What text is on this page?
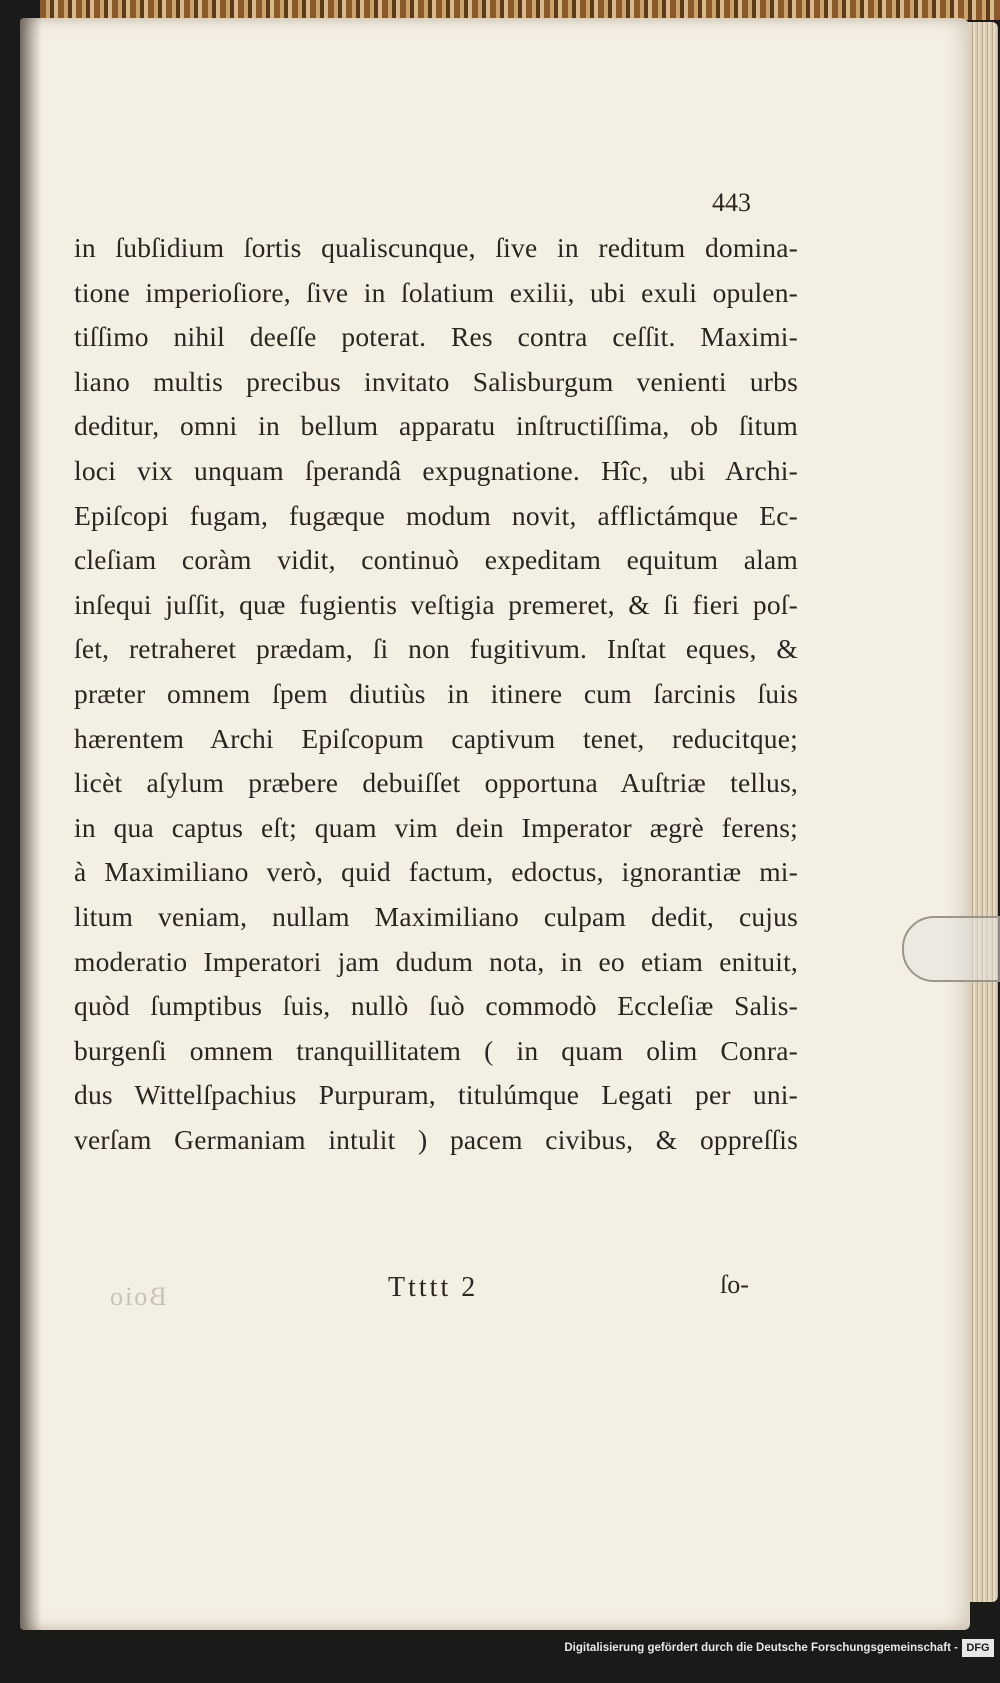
443
in ſubſidium ſortis qualiscunque, ſive in reditum domina-
tione imperioſiore, ſive in ſolatium exilii, ubi exuli opulen-
tiſſimo nihil deeſſe poterat. Res contra ceſſit. Maximi-
liano multis precibus invitato Salisburgum venienti urbs
deditur, omni in bellum apparatu inſtructiſſima, ob ſitum
loci vix unquam ſperandâ expugnatione. Hîc, ubi Archi-
Epiſcopi fugam, fugæque modum novit, afflictámque Ec-
cleſiam coràm vidit, continuò expeditam equitum alam
inſequi juſſit, quæ fugientis veſtigia premeret, & ſi fieri poſ-
ſet, retraheret prædam, ſi non fugitivum. Inſtat eques, &
præter omnem ſpem diutiùs in itinere cum ſarcinis ſuis
hærentem Archi Epiſcopum captivum tenet, reducitque;
licèt aſylum præbere debuiſſet opportuna Auſtriæ tellus,
in qua captus eſt; quam vim dein Imperator ægrè ferens;
à Maximiliano verò, quid factum, edoctus, ignorantiæ mi-
litum veniam, nullam Maximiliano culpam dedit, cujus
moderatio Imperatori jam dudum nota, in eo etiam enituit,
quòd ſumptibus ſuis, nullò ſuò commodò Eccleſiæ Salis-
burgenſi omnem tranquillitatem ( in quam olim Conra-
dus Wittelſpachius Purpuram, titulúmque Legati per uni-
verſam Germaniam intulit ) pacem civibus, & oppreſſis
Boio	Ttttt 2	ſo-
Digitalisierung gefördert durch die Deutsche Forschungsgemeinschaft - DFG
